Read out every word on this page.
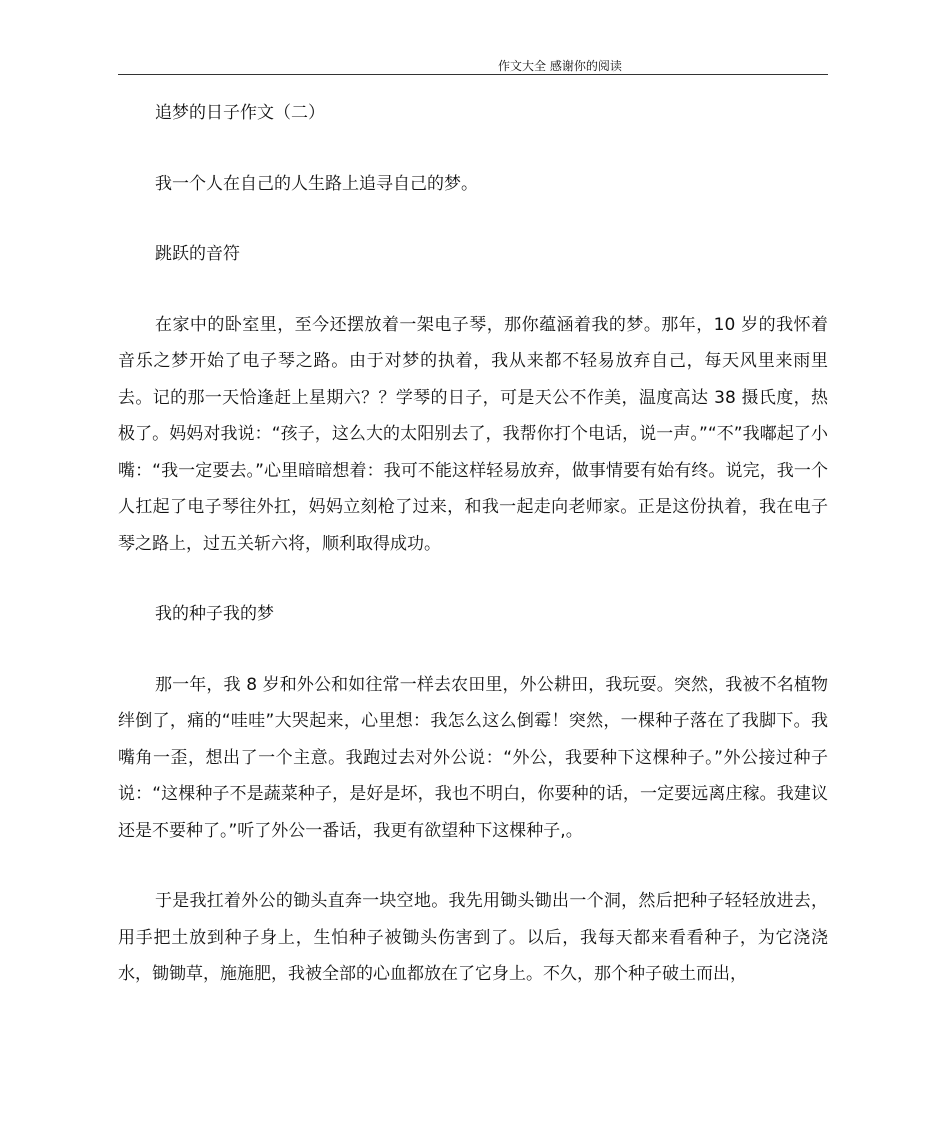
作文大全 感谢你的阅读

追梦的日子作文（二）

我一个人在自己的人生路上追寻自己的梦。

跳跃的音符

在家中的卧室里，至今还摆放着一架电子琴，那你蕴涵着我的梦。那年，10 岁的我怀着音乐之梦开始了电子琴之路。由于对梦的执着，我从来都不轻易放弃自己，每天风里来雨里去。记的那一天恰逢赶上星期六？？学琴的日子，可是天公不作美，温度高达 38 摄氏度，热极了。妈妈对我说：“孩子，这么大的太阳别去了，我帮你打个电话，说一声。”“不”我嘟起了小嘴：“我一定要去。”心里暗暗想着：我可不能这样轻易放弃，做事情要有始有终。说完，我一个人扛起了电子琴往外扛，妈妈立刻枪了过来，和我一起走向老师家。正是这份执着，我在电子琴之路上，过五关斩六将，顺利取得成功。

我的种子我的梦

那一年，我 8 岁和外公和如往常一样去农田里，外公耕田，我玩耍。突然，我被不名植物绊倒了，痛的“哇哇”大哭起来，心里想：我怎么这么倒霉！突然，一棵种子落在了我脚下。我嘴角一歪，想出了一个主意。我跑过去对外公说：“外公，我要种下这棵种子。”外公接过种子说：“这棵种子不是蔬菜种子，是好是坏，我也不明白，你要种的话，一定要远离庄稼。我建议还是不要种了。”听了外公一番话，我更有欲望种下这棵种子,。

于是我扛着外公的锄头直奔一块空地。我先用锄头锄出一个洞，然后把种子轻轻放进去，用手把土放到种子身上，生怕种子被锄头伤害到了。以后，我每天都来看看种子，为它浇浇水，锄锄草，施施肥，我被全部的心血都放在了它身上。不久，那个种子破土而出，
